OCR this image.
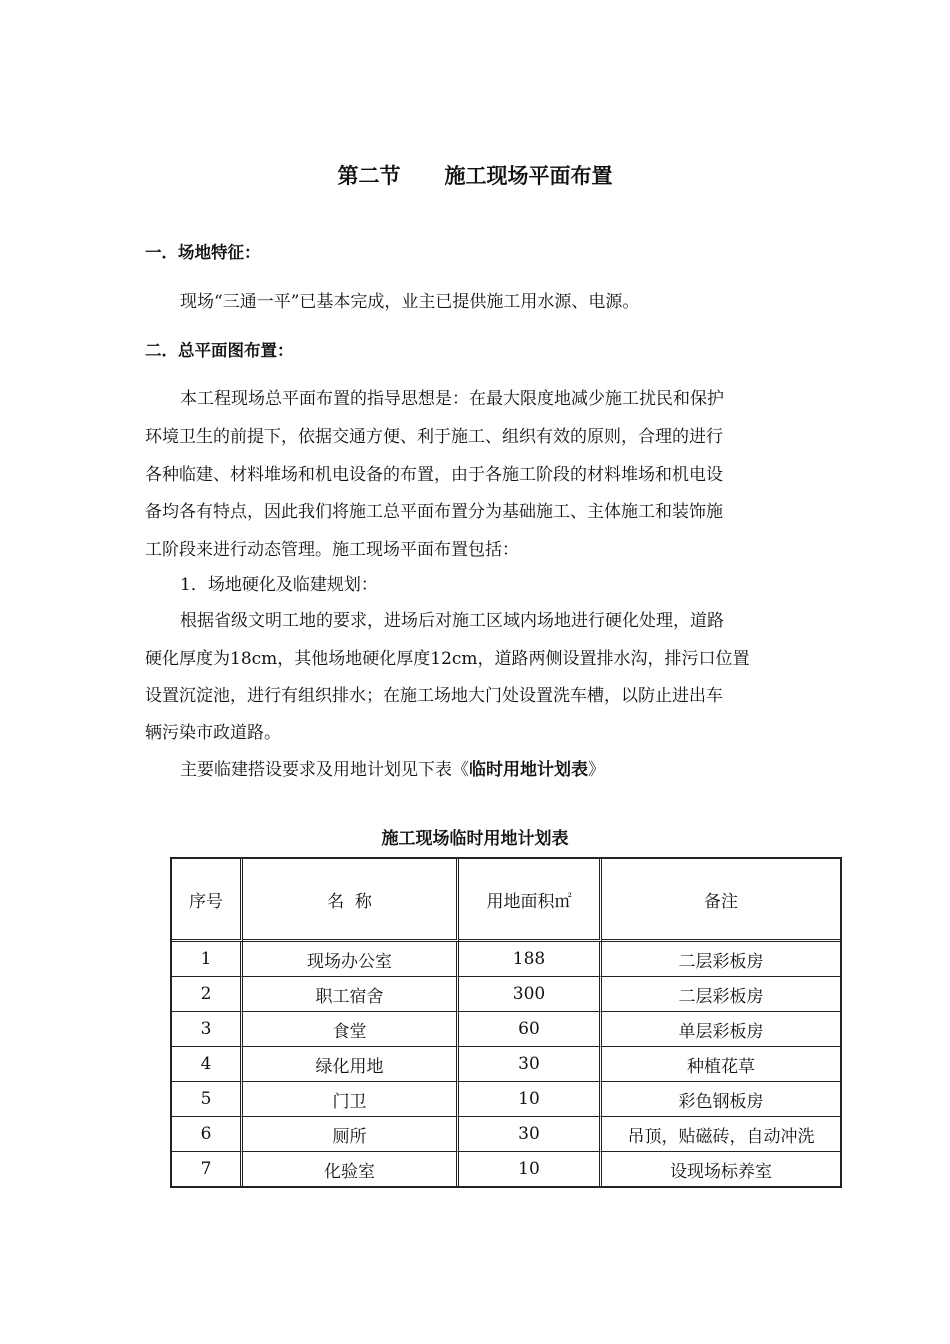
第二节 施工现场平面布置
一．场地特征：
现场“三通一平”已基本完成，业主已提供施工用水源、电源。
二．总平面图布置：
本工程现场总平面布置的指导思想是：在最大限度地减少施工扰民和保护
环境卫生的前提下，依据交通方便、利于施工、组织有效的原则，合理的进行
各种临建、材料堆场和机电设备的布置，由于各施工阶段的材料堆场和机电设
备均各有特点，因此我们将施工总平面布置分为基础施工、主体施工和装饰施
工阶段来进行动态管理。施工现场平面布置包括：
1．场地硬化及临建规划：
根据省级文明工地的要求，进场后对施工区域内场地进行硬化处理，道路
硬化厚度为18cm，其他场地硬化厚度12cm，道路两侧设置排水沟，排污口位置
设置沉淀池，进行有组织排水；在施工场地大门处设置洗车槽，以防止进出车
辆污染市政道路。
主要临建搭设要求及用地计划见下表《临时用地计划表》
施工现场临时用地计划表
序号	名  称	用地面积㎡	备注
1	现场办公室	188	二层彩板房
2	职工宿舍	300	二层彩板房
3	食堂	60	单层彩板房
4	绿化用地	30	种植花草
5	门卫	10	彩色钢板房
6	厕所	30	吊顶，贴磁砖，自动冲洗
7	化验室	10	设现场标养室
